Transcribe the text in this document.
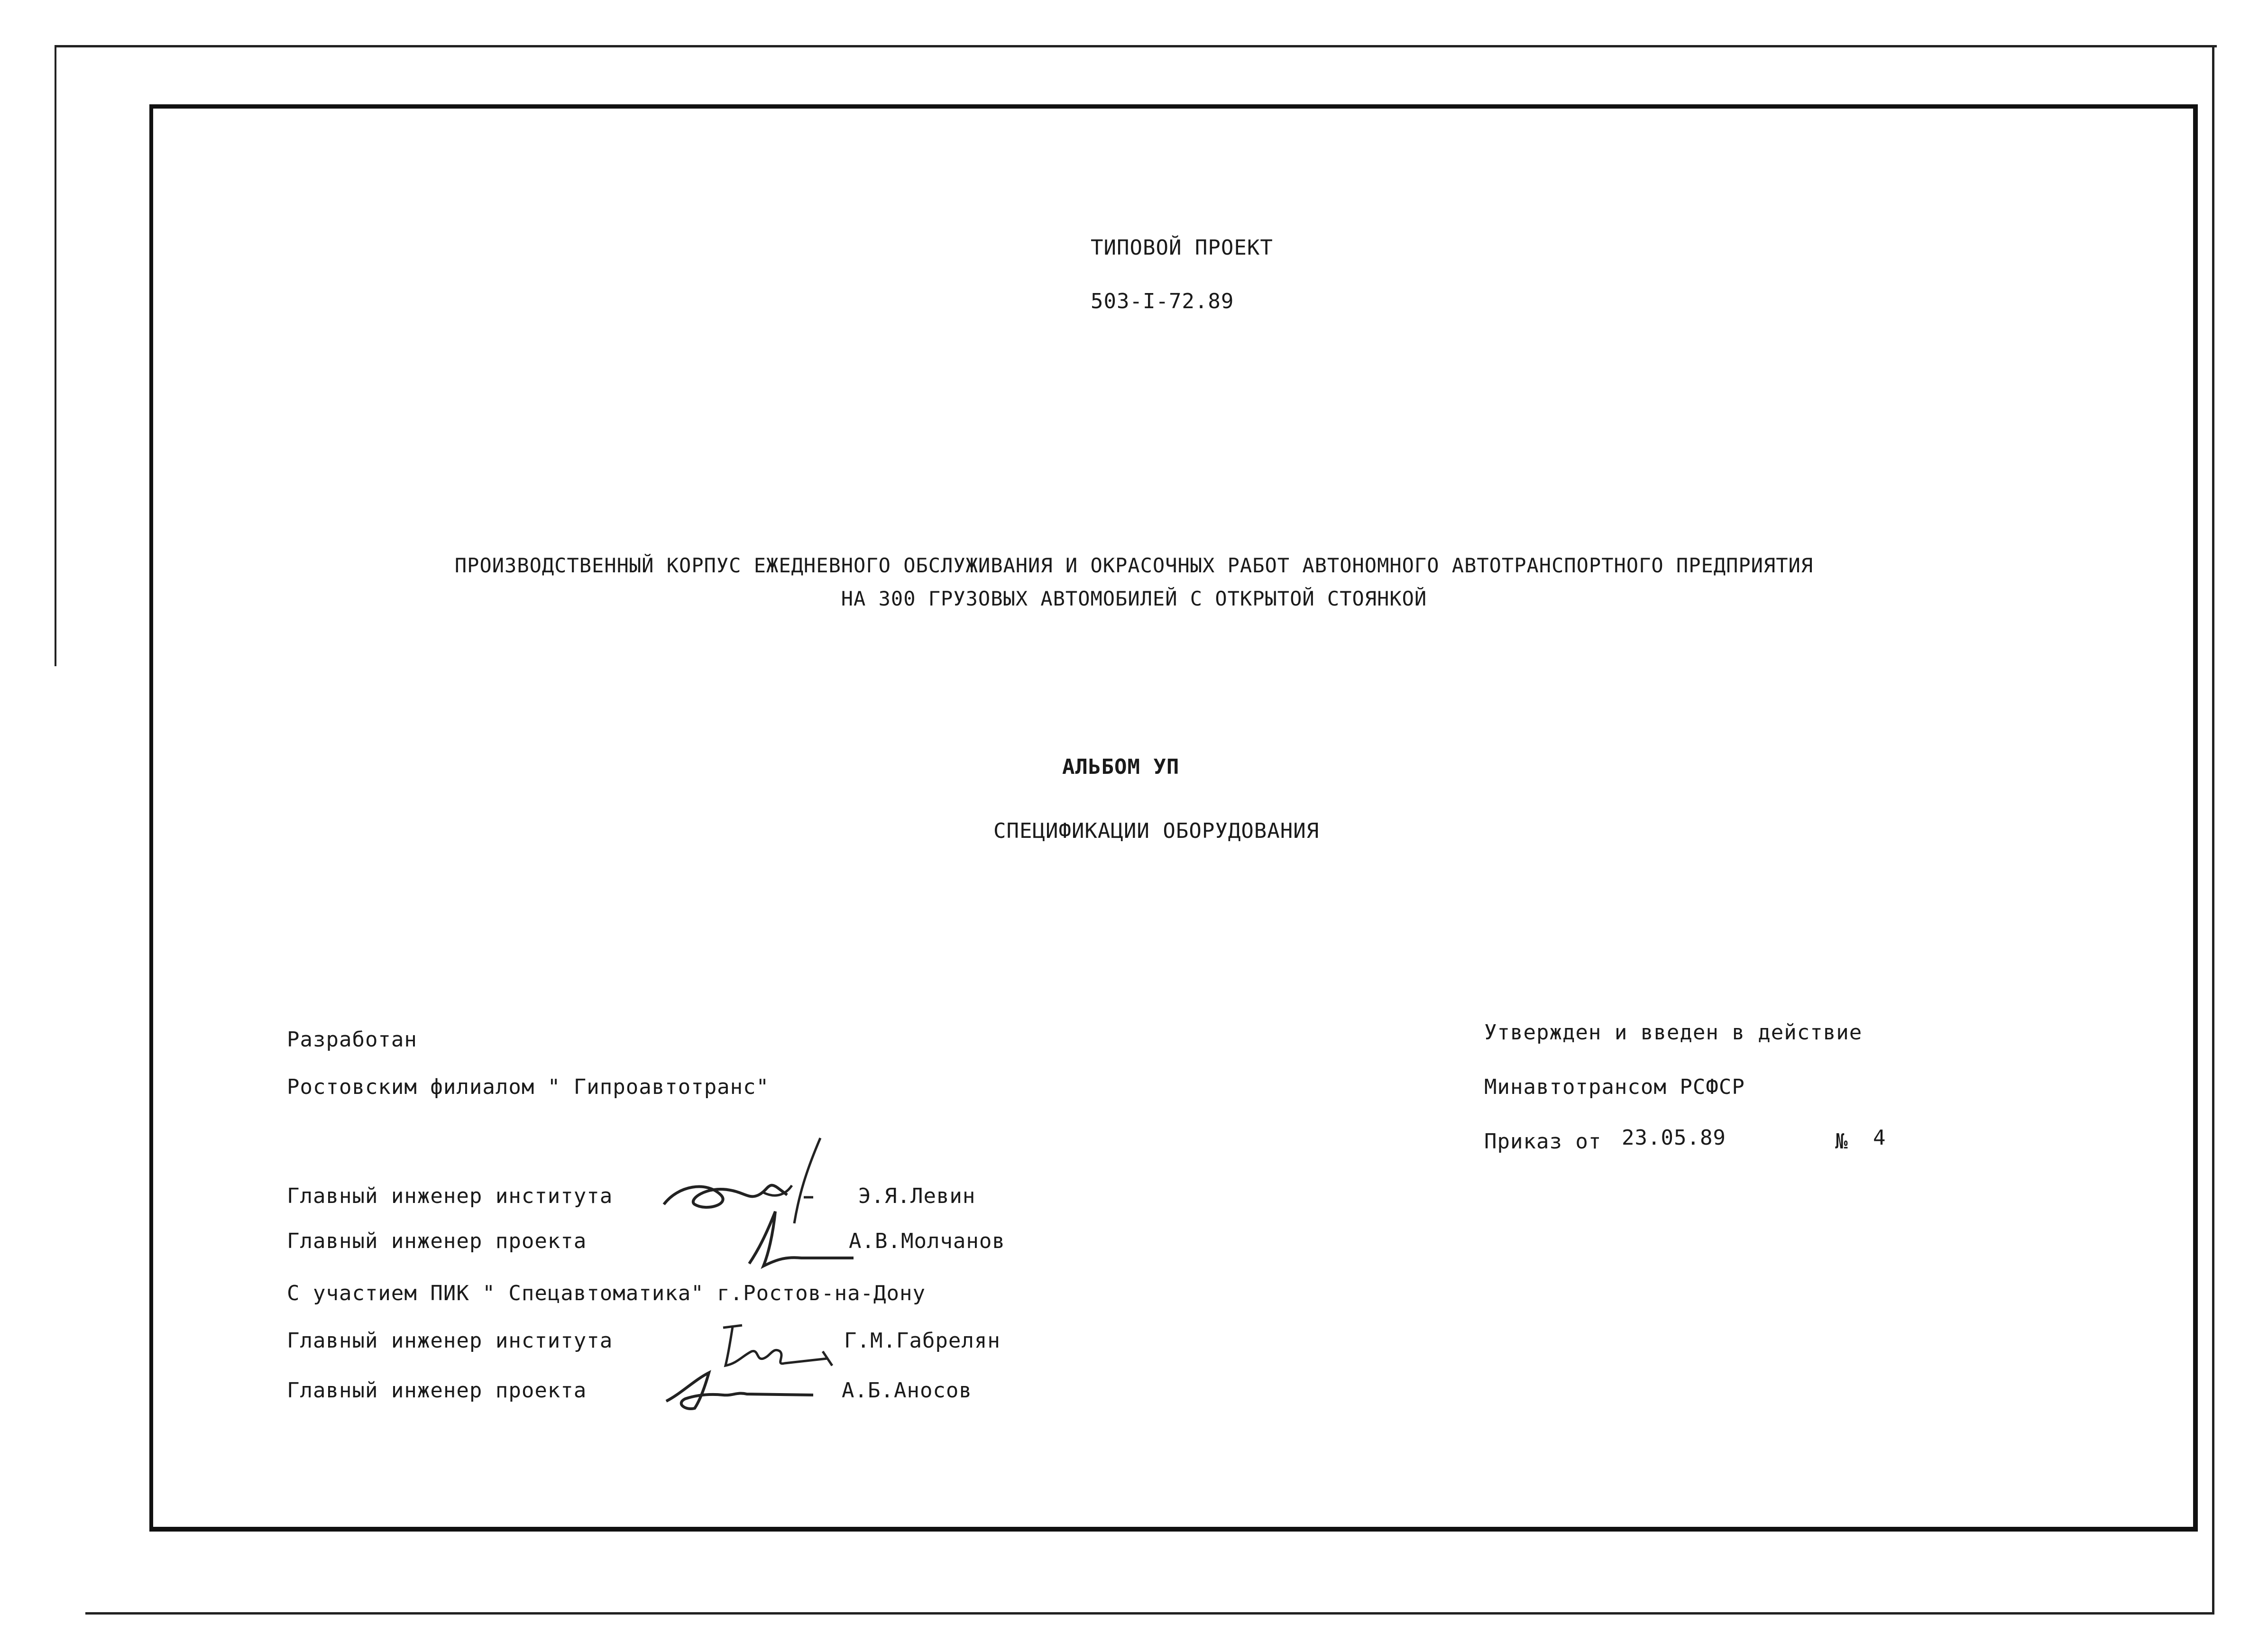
ТИПОВОЙ ПРОЕКТ
503-I-72.89
ПРОИЗВОДСТВЕННЫЙ КОРПУС ЕЖЕДНЕВНОГО ОБСЛУЖИВАНИЯ И ОКРАСОЧНЫХ РАБОТ АВТОНОМНОГО АВТОТРАНСПОРТНОГО ПРЕДПРИЯТИЯ
НА 300 ГРУЗОВЫХ АВТОМОБИЛЕЙ С ОТКРЫТОЙ СТОЯНКОЙ
АЛЬБОМ УП
СПЕЦИФИКАЦИИ ОБОРУДОВАНИЯ
Разработан
Ростовским филиалом " Гипроавтотранс"
Главный инженер института	Э.Я.Левин
Главный инженер проекта	А.В.Молчанов
С участием ПИК " Спецавтоматика" г.Ростов-на-Дону
Главный инженер института	Г.М.Габрелян
Главный инженер проекта	А.Б.Аносов
Утвержден и введен в действие
Минавтотрансом РСФСР
Приказ от 23.05.89	№ 4
